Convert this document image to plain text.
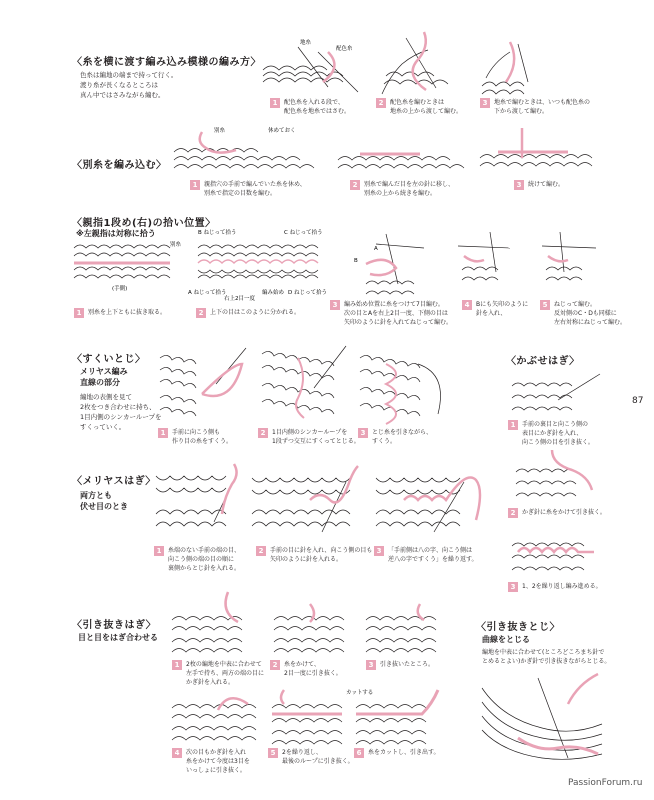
〈糸を横に渡す編み込み模様の編み方〉
色糸は編地の端まで持って行く。
渡り糸が長くなるところは
真ん中ではさみながら編む。
地糸
配色糸
1	配色糸を入れる段で、
配色糸を地糸ではさむ。
2	配色糸を編むときは
地糸の上から渡して編む。
3	地糸で編むときは、いつも配色糸の
下から渡して編む。
〈別糸を編み込む〉
別糸	休めておく
1	親指穴の手前で編んでいた糸を休め、
別糸で指定の目数を編む。
2	別糸で編んだ目を左の針に移し、
別糸の上から続きを編む。
3	続けて編む。
〈親指1段め(右)の拾い位置〉
※左親指は対称に拾う
別糸
(手側)
B ねじって拾う	C ねじって拾う
A ねじって拾う
右上2目一度
編み始め D ねじって拾う
A
B
1	別糸を上下ともに抜き取る。	2	上下の目はこのように分かれる。
3	編み始め位置に糸をつけて7目編む。
次の目とAを右上2目一度、下側の目は
矢印のように針を入れてねじって編む。
4	Bにも矢印のように
針を入れ、
5	ねじって編む。
反対側のC・Dも同様に
左右対称にねじって編む。
〈すくいとじ〉
メリヤス編み
直線の部分
編地の表側を見て
2枚をつき合わせに持ち、
1目内側のシンカーループを
すくっていく。
1	手前に向こう側も
作り目の糸をすくう。
2	1目内側のシンカーループを
1段ずつ交互にすくってとじる。
3	とじ糸を引きながら、
すくう。
〈メリヤスはぎ〉
両方とも
伏せ目のとき
1	糸端のない手前の端の目、
向こう側の端の目の順に
裏側からとじ針を入れる。
2	手前の目に針を入れ、向こう側の目も
矢印のように針を入れる。
3	「手前側は八の字、向こう側は
逆八の字ですくう」を繰り返す。
〈引き抜きはぎ〉
目と目をはぎ合わせる
1	2枚の編地を中表に合わせて
左手で持ち、両方の端の目に
かぎ針を入れる。
2	糸をかけて、
2目一度に引き抜く。
3	引き抜いたところ。
カットする
4	次の目もかぎ針を入れ
糸をかけて今度は3目を
いっしょに引き抜く。
5	2を繰り返し、
最後のループに引き抜く。
6	糸をカットし、引き出す。
〈かぶせはぎ〉
1	手前の裏目と向こう側の
表目にかぎ針を入れ、
向こう側の目を引き抜く。
2	かぎ針に糸をかけて引き抜く。
3	1、2を繰り返し編み進める。
〈引き抜きとじ〉
曲線をとじる
編地を中表に合わせて(ところどころまち針で
とめるとよい)かぎ針で引き抜きながらとじる。
87
PassionForum.ru
